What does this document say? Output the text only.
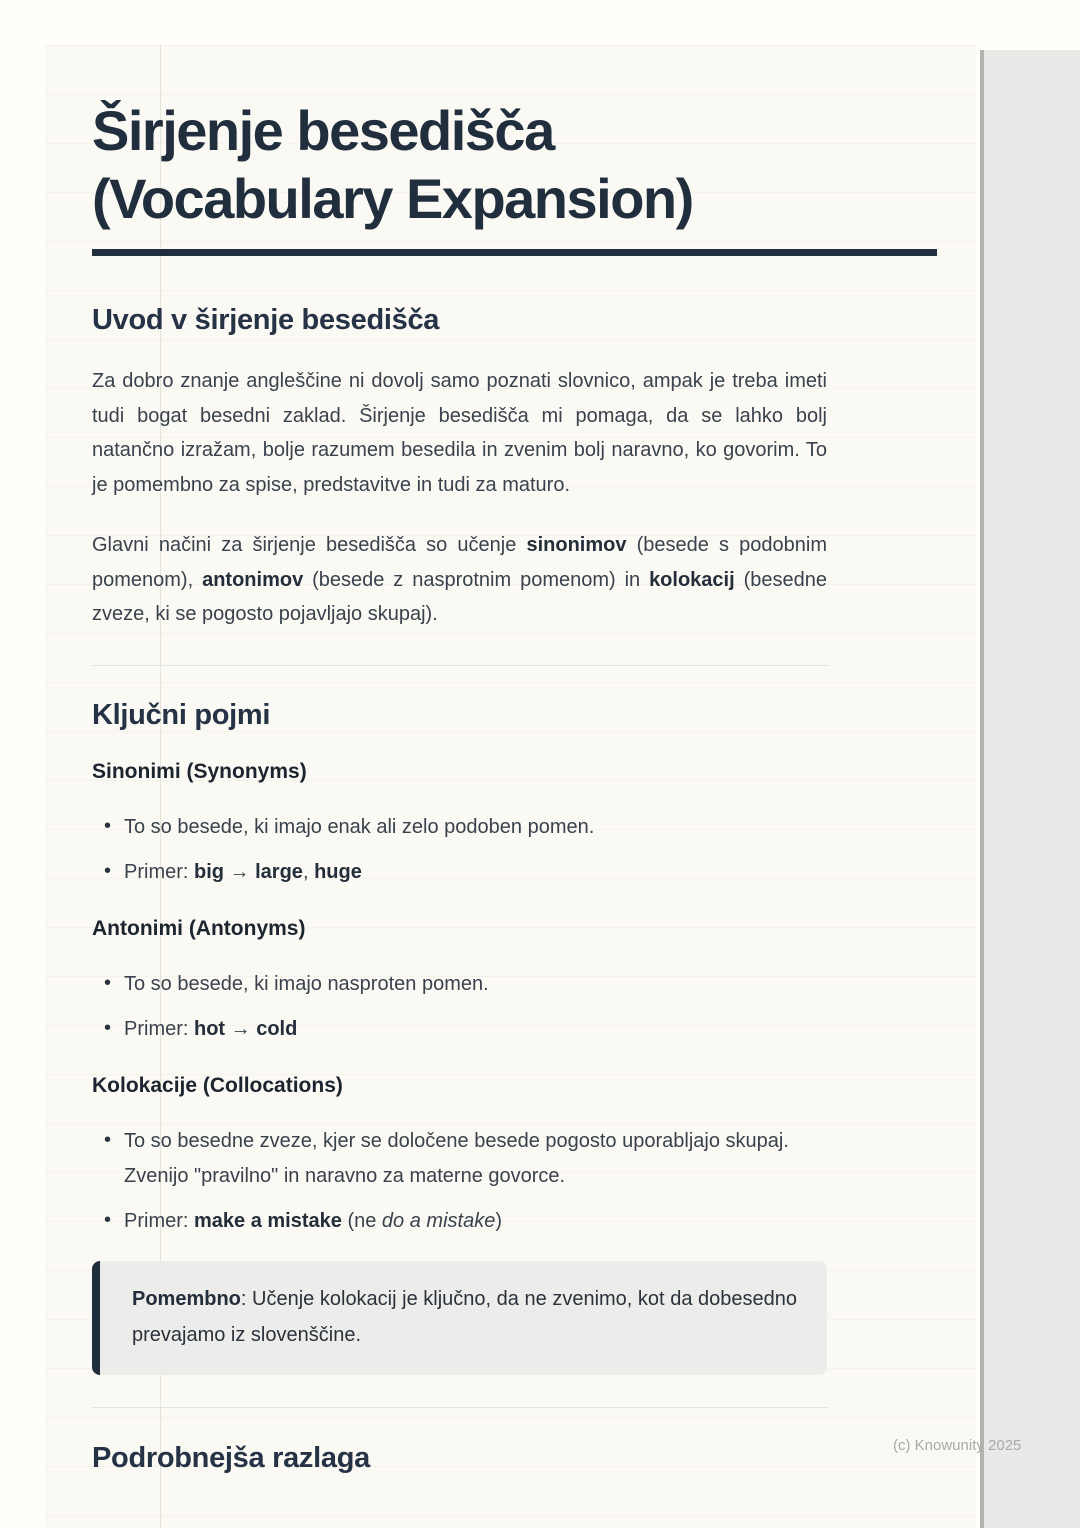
Širjenje besedišča
(Vocabulary Expansion)
Uvod v širjenje besedišča

Za dobro znanje angleščine ni dovolj samo poznati slovnico, ampak je treba imeti tudi bogat besedni zaklad. Širjenje besedišča mi pomaga, da se lahko bolj natančno izražam, bolje razumem besedila in zvenim bolj naravno, ko govorim. To je pomembno za spise, predstavitve in tudi za maturo.

Glavni načini za širjenje besedišča so učenje sinonimov (besede s podobnim pomenom), antonimov (besede z nasprotnim pomenom) in kolokacij (besedne zveze, ki se pogosto pojavljajo skupaj).

Ključni pojmi
Sinonimi (Synonyms)
• To so besede, ki imajo enak ali zelo podoben pomen.
• Primer: big → large, huge
Antonimi (Antonyms)
• To so besede, ki imajo nasproten pomen.
• Primer: hot → cold
Kolokacije (Collocations)
• To so besedne zveze, kjer se določene besede pogosto uporabljajo skupaj. Zvenijo "pravilno" in naravno za materne govorce.
• Primer: make a mistake (ne do a mistake)

Pomembno: Učenje kolokacij je ključno, da ne zvenimo, kot da dobesedno prevajamo iz slovenščine.

Podrobnejša razlaga	(c) Knowunity 2025
